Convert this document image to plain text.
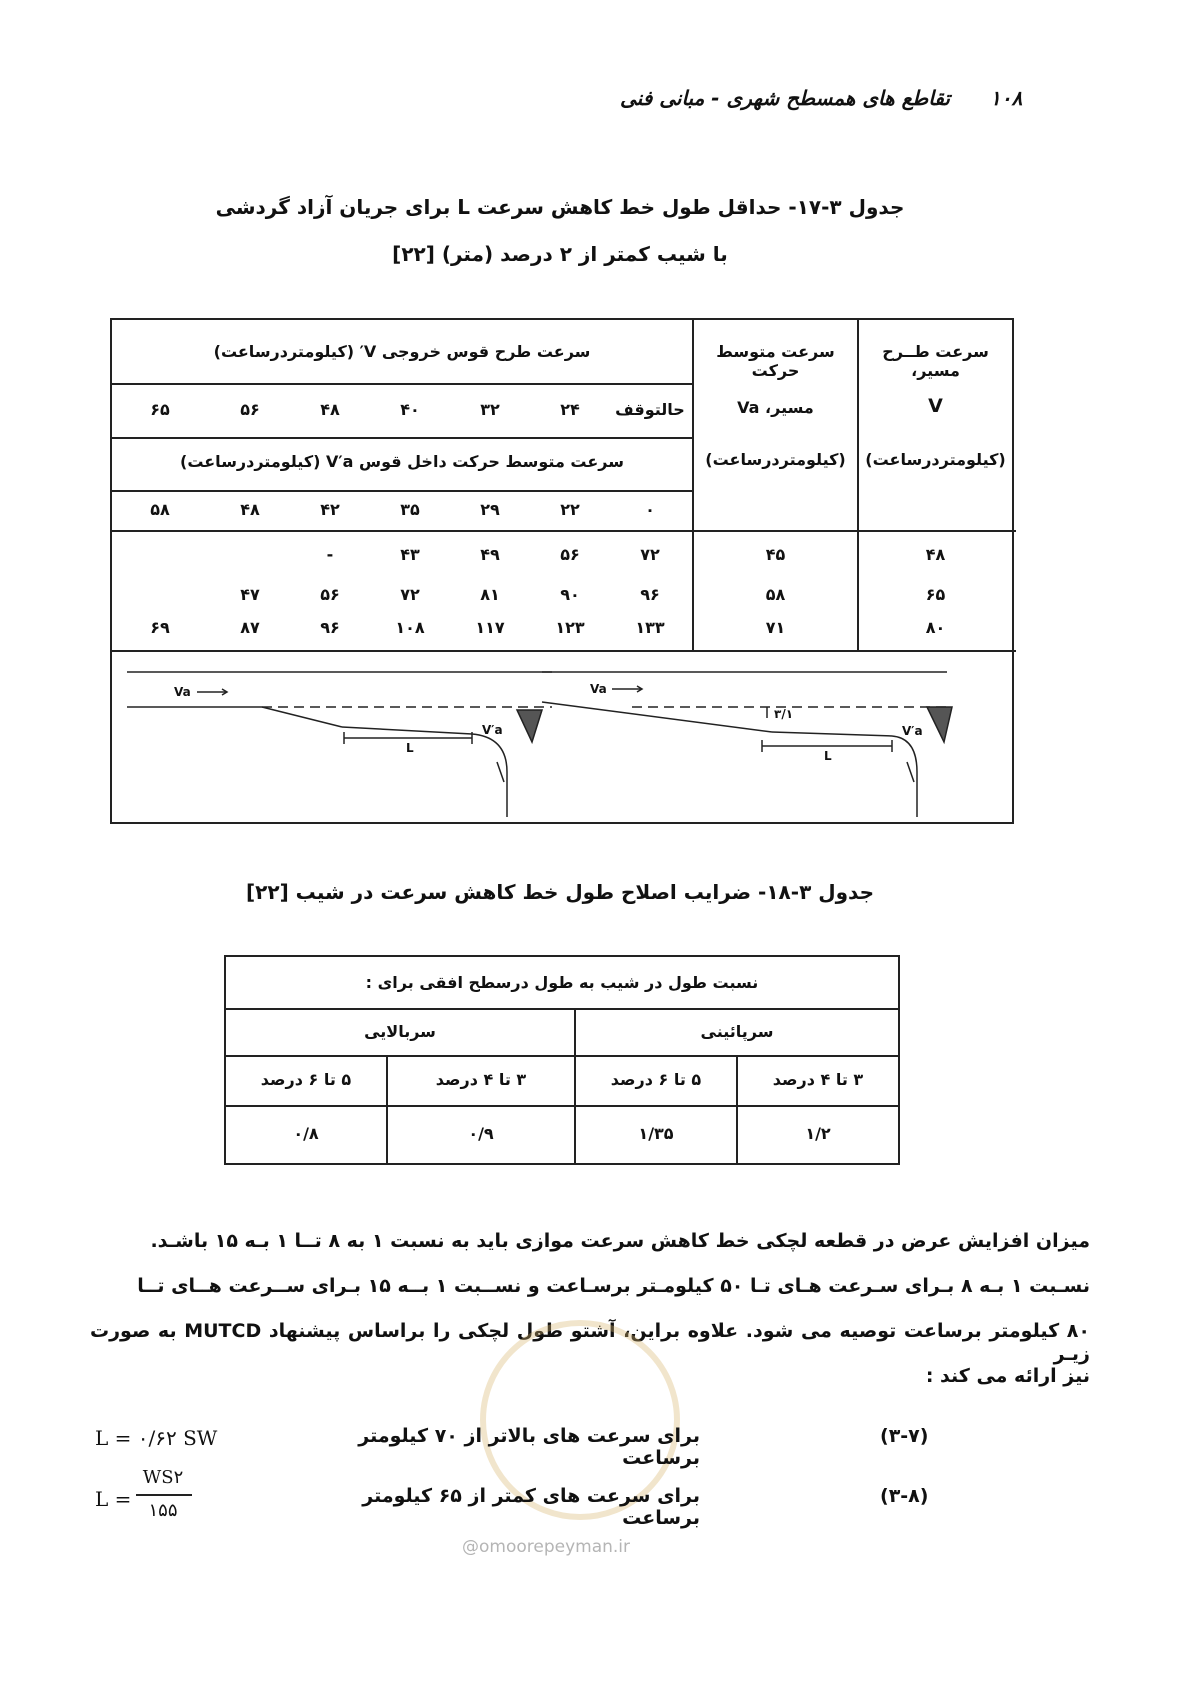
۱۰۸
تقاطع های همسطح شهری - مبانی فنی
جدول ۳-۱۷- حداقل طول خط کاهش سرعت L برای جریان آزاد گردشی
با شیب کمتر از ۲ درصد (متر) [۲۲]
سرعت طــرح مسیر،
V
(کیلومتردرساعت)
سرعت متوسط حرکت
مسیر، Va
(کیلومتردرساعت)
سرعت طرح قوس خروجی V′ (کیلومتردرساعت)
حالتوقف
۲۴
۳۲
۴۰
۴۸
۵۶
۶۵
سرعت متوسط حرکت داخل قوس V′a (کیلومتردرساعت)
۰
۲۲
۲۹
۳۵
۴۲
۴۸
۵۸
۴۸
۴۵
۷۲
۵۶
۴۹
۴۳
-
۶۵
۵۸
۹۶
۹۰
۸۱
۷۲
۵۶
۴۷
۸۰
۷۱
۱۳۳
۱۲۳
۱۱۷
۱۰۸
۹۶
۸۷
۶۹
Va
V′a
L
Va
V′a
L
۳/۱
جدول ۳-۱۸- ضرایب اصلاح طول خط کاهش سرعت در شیب [۲۲]
نسبت طول در شیب به طول درسطح افقی برای :
سرپائینی
سربالایی
۳ تا ۴ درصد
۵ تا ۶ درصد
۳ تا ۴ درصد
۵ تا ۶ درصد
۱/۲
۱/۳۵
۰/۹
۰/۸
میزان افزایش عرض در قطعه لچکی خط کاهش سرعت موازی باید به نسبت ۱ به ۸ تــا ۱ بـه ۱۵ باشـد.
نسـبت ۱ بـه ۸ بـرای سـرعت هـای تـا ۵۰ کیلومـتر برسـاعت و نســبت ۱ بــه ۱۵ بـرای ســرعت هــای تــا
۸۰ کیلومتر برساعت توصیه می شود. علاوه براین، آشتو طول لچکی را براساس پیشنهاد MUTCD به صورت زیـر
نیز ارائه می کند :
@omoorepeyman.ir
(۳-۷)
برای سرعت های بالاتر از ۷۰ کیلومتر برساعت
L = ۰/۶۲ SW
(۳-۸)
برای سرعت های کمتر از ۶۵ کیلومتر برساعت
L =
WS۲
۱۵۵
